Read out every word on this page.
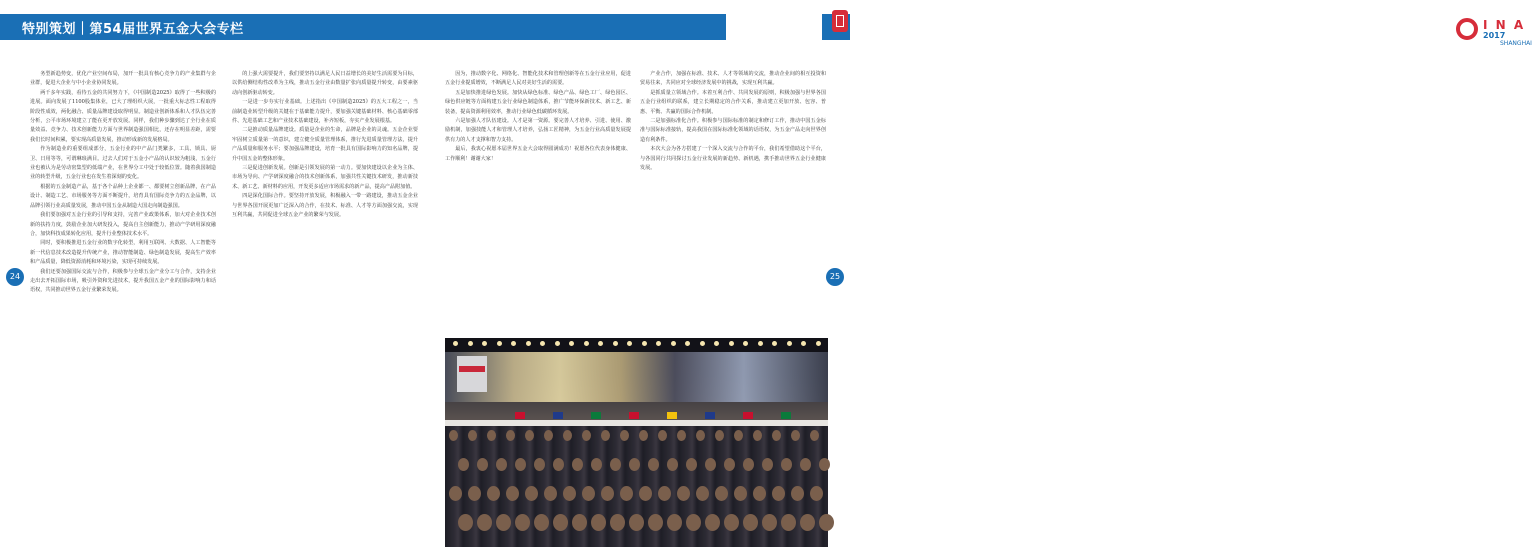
特别策划｜第54届世界五金大会专栏	I N A
2017
SHANGHAI
24	25

务型新趋势变，优化产业空间布局，加开一批具有核心竞争力的产业集群与企业群，促进大企业与中小企业协同发展。

两千多年实践，看待五金的共同努力下，《中国制造2025》取得了一些积极的进展。面向发展了1100股集体业，已大了理组织大展，一批重大标志性工程取得阶段性成效，两化融合、质量品牌建设取得明显。制造业创新体系和人才队伍完善分析，公平市场环境建立了能在更开放发展。同样，我们种步骤到达了全行业在质量效益、竞争力、技术创新能力方面与世界制造强国相比，还存在明显差距，需要我们长时间积累，要实现高质量发展，推动形成新的发展格局。

作为制造业的重要组成部分，五金行业的中产品门类繁多，工具、锁具、厨卫、日用等等，可谓琳琅满目。过去人们对于五金小产品的认识较为粗浅，五金行业也被认为是劳动密集型的低端产业，在世界分工中处于较低位置。随着我国制造业的转型升级，五金行业也在发生着深刻的变化。

根据的五金制造产品，基于各个品种上企业都一、都要树立创新品牌，在产品设计、制造工艺、市场服务等方面不断提升，培育具有国际竞争力的五金品牌，以品牌引领行业高质量发展，推动中国五金从制造大国走向制造强国。

我们要加强对五金行业的引导和支持，完善产业政策体系，加大对企业技术创新的扶持力度，鼓励企业加大研发投入，提高自主创新能力，推动产学研用深度融合，加快科技成果转化应用，提升行业整体技术水平。

同时，要积极推进五金行业的数字化转型，利用互联网、大数据、人工智能等新一代信息技术改造提升传统产业，推动智能制造、绿色制造发展，提高生产效率和产品质量，降低资源消耗和环境污染，实现可持续发展。

我们还要加强国际交流与合作，积极参与全球五金产业分工与合作，支持企业走出去开拓国际市场，吸引外资和先进技术，提升我国五金产业的国际影响力和话语权，共同推动世界五金行业繁荣发展。

的上强大需要提升，我们要坚持以满足人民日益增长的美好生活需要为目标，以供给侧结构性改革为主线，推动五金行业由数量扩张向质量提升转变，由要素驱动向创新驱动转变。

一是进一步夯实行业基础。上述指出《中国制造2025》的五大工程之一，当前制造业转型升级的关键在于基础能力提升，要加强关键基础材料、核心基础零部件、先进基础工艺和产业技术基础建设，补齐短板，夯实产业发展根基。

二是推动质量品牌建设。质量是企业的生命，品牌是企业的灵魂。五金企业要牢固树立质量第一的意识，建立健全质量管理体系，推行先进质量管理方法，提升产品质量和服务水平；要加强品牌建设，培育一批具有国际影响力的知名品牌，提升中国五金的整体形象。

三是促进创新发展。创新是引领发展的第一动力。要加快建设以企业为主体、市场为导向、产学研深度融合的技术创新体系，加强共性关键技术研发，推动新技术、新工艺、新材料的应用，开发更多适应市场需求的新产品，提高产品附加值。

四是深化国际合作。要坚持开放发展，积极融入一带一路建设，推动五金企业与世界各国开展更加广泛深入的合作，在技术、标准、人才等方面加强交流，实现互利共赢，共同促进全球五金产业的繁荣与发展。

因为，推动数字化、网络化、智能化技术和管理创新等在五金行业应用，促进五金行业提质增效，不断满足人民对美好生活的需要。

五是加快推进绿色发展。加快从绿色标准、绿色产品、绿色工厂、绿色园区、绿色供应链等方面构建五金行业绿色制造体系，推广节能环保新技术、新工艺、新装备，提高资源利用效率，推动行业绿色低碳循环发展。

六是加强人才队伍建设。人才是第一资源。要完善人才培养、引进、使用、激励机制，加强技能人才和管理人才培养，弘扬工匠精神，为五金行业高质量发展提供有力的人才支撑和智力支持。

最后，我衷心祝愿本届世界五金大会取得圆满成功！祝愿各位代表身体健康、工作顺利！谢谢大家！

产业合作，加强在标准、技术、人才等领域的交流，推动企业间的相互投资和贸易往来，共同应对全球经济发展中的挑战，实现互利共赢。

是抓质量立领域合作。本着互利合作、共同发展的原则，积极加强与世界各国五金行业组织的联系，建立长期稳定的合作关系，推动建立更加开放、包容、普惠、平衡、共赢的国际合作机制。

二是加强标准化合作。积极参与国际标准的制定和修订工作，推动中国五金标准与国际标准接轨，提高我国在国际标准化领域的话语权，为五金产品走向世界创造有利条件。

本次大会为各方搭建了一个深入交流与合作的平台，我们希望借助这个平台，与各国同行共同探讨五金行业发展的新趋势、新机遇，携手推动世界五金行业健康发展。
